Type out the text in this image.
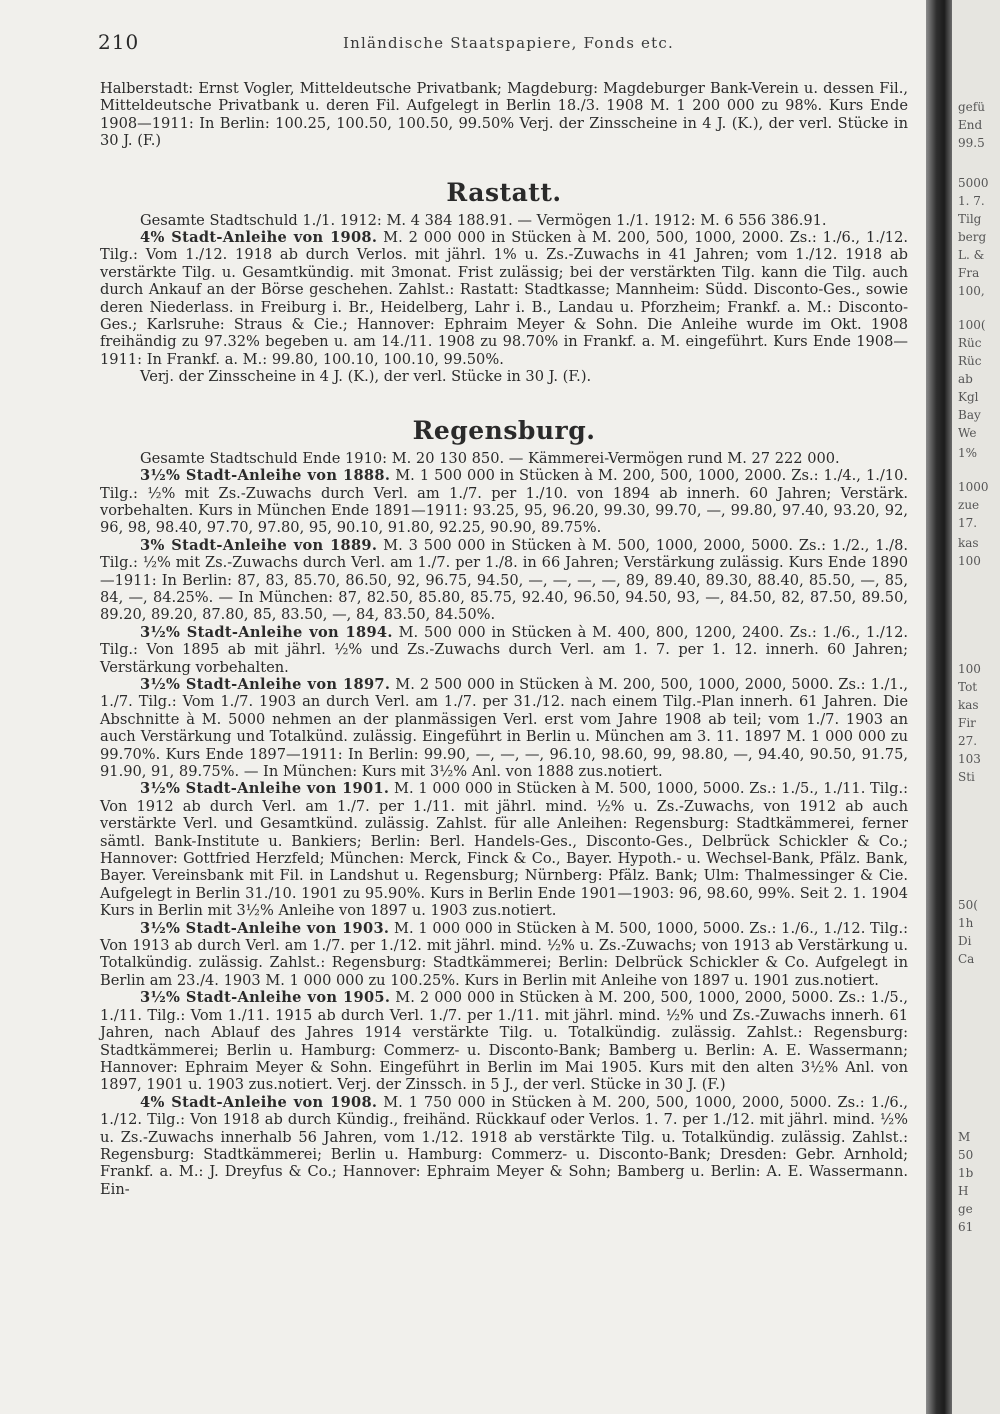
210	Inländische Staatspapiere, Fonds etc.

Halberstadt: Ernst Vogler, Mitteldeutsche Privatbank; Magdeburg: Magdeburger Bank-Verein u. dessen Fil., Mitteldeutsche Privatbank u. deren Fil. Aufgelegt in Berlin 18./3. 1908 M. 1 200 000 zu 98%. Kurs Ende 1908—1911: In Berlin: 100.25, 100.50, 100.50, 99.50% Verj. der Zinsscheine in 4 J. (K.), der verl. Stücke in 30 J. (F.)

Rastatt.

Gesamte Stadtschuld 1./1. 1912: M. 4 384 188.91. — Vermögen 1./1. 1912: M. 6 556 386.91.

4% Stadt-Anleihe von 1908. M. 2 000 000 in Stücken à M. 200, 500, 1000, 2000. Zs.: 1./6., 1./12. Tilg.: Vom 1./12. 1918 ab durch Verlos. mit jährl. 1% u. Zs.-Zuwachs in 41 Jahren; vom 1./12. 1918 ab verstärkte Tilg. u. Gesamtkündig. mit 3monat. Frist zulässig; bei der verstärkten Tilg. kann die Tilg. auch durch Ankauf an der Börse geschehen. Zahlst.: Rastatt: Stadtkasse; Mannheim: Südd. Disconto-Ges., sowie deren Niederlass. in Freiburg i. Br., Heidelberg, Lahr i. B., Landau u. Pforzheim; Frankf. a. M.: Disconto-Ges.; Karlsruhe: Straus & Cie.; Hannover: Ephraim Meyer & Sohn. Die Anleihe wurde im Okt. 1908 freihändig zu 97.32% begeben u. am 14./11. 1908 zu 98.70% in Frankf. a. M. eingeführt. Kurs Ende 1908—1911: In Frankf. a. M.: 99.80, 100.10, 100.10, 99.50%.

Verj. der Zinsscheine in 4 J. (K.), der verl. Stücke in 30 J. (F.).

Regensburg.

Gesamte Stadtschuld Ende 1910: M. 20 130 850. — Kämmerei-Vermögen rund M. 27 222 000.

3½% Stadt-Anleihe von 1888. M. 1 500 000 in Stücken à M. 200, 500, 1000, 2000. Zs.: 1./4., 1./10. Tilg.: ½% mit Zs.-Zuwachs durch Verl. am 1./7. per 1./10. von 1894 ab innerh. 60 Jahren; Verstärk. vorbehalten. Kurs in München Ende 1891—1911: 93.25, 95, 96.20, 99.30, 99.70, —, 99.80, 97.40, 93.20, 92, 96, 98, 98.40, 97.70, 97.80, 95, 90.10, 91.80, 92.25, 90.90, 89.75%.

3% Stadt-Anleihe von 1889. M. 3 500 000 in Stücken à M. 500, 1000, 2000, 5000. Zs.: 1./2., 1./8. Tilg.: ½% mit Zs.-Zuwachs durch Verl. am 1./7. per 1./8. in 66 Jahren; Verstärkung zulässig. Kurs Ende 1890—1911: In Berlin: 87, 83, 85.70, 86.50, 92, 96.75, 94.50, —, —, —, —, 89, 89.40, 89.30, 88.40, 85.50, —, 85, 84, —, 84.25%. — In München: 87, 82.50, 85.80, 85.75, 92.40, 96.50, 94.50, 93, —, 84.50, 82, 87.50, 89.50, 89.20, 89.20, 87.80, 85, 83.50, —, 84, 83.50, 84.50%.

3½% Stadt-Anleihe von 1894. M. 500 000 in Stücken à M. 400, 800, 1200, 2400. Zs.: 1./6., 1./12. Tilg.: Von 1895 ab mit jährl. ½% und Zs.-Zuwachs durch Verl. am 1. 7. per 1. 12. innerh. 60 Jahren; Verstärkung vorbehalten.

3½% Stadt-Anleihe von 1897. M. 2 500 000 in Stücken à M. 200, 500, 1000, 2000, 5000. Zs.: 1./1., 1./7. Tilg.: Vom 1./7. 1903 an durch Verl. am 1./7. per 31./12. nach einem Tilg.-Plan innerh. 61 Jahren. Die Abschnitte à M. 5000 nehmen an der planmässigen Verl. erst vom Jahre 1908 ab teil; vom 1./7. 1903 an auch Verstärkung und Totalkünd. zulässig. Eingeführt in Berlin u. München am 3. 11. 1897 M. 1 000 000 zu 99.70%. Kurs Ende 1897—1911: In Berlin: 99.90, —, —, —, 96.10, 98.60, 99, 98.80, —, 94.40, 90.50, 91.75, 91.90, 91, 89.75%. — In München: Kurs mit 3½% Anl. von 1888 zus.notiert.

3½% Stadt-Anleihe von 1901. M. 1 000 000 in Stücken à M. 500, 1000, 5000. Zs.: 1./5., 1./11. Tilg.: Von 1912 ab durch Verl. am 1./7. per 1./11. mit jährl. mind. ½% u. Zs.-Zuwachs, von 1912 ab auch verstärkte Verl. und Gesamtkünd. zulässig. Zahlst. für alle Anleihen: Regensburg: Stadtkämmerei, ferner sämtl. Bank-Institute u. Bankiers; Berlin: Berl. Handels-Ges., Disconto-Ges., Delbrück Schickler & Co.; Hannover: Gottfried Herzfeld; München: Merck, Finck & Co., Bayer. Hypoth.- u. Wechsel-Bank, Pfälz. Bank, Bayer. Vereinsbank mit Fil. in Landshut u. Regensburg; Nürnberg: Pfälz. Bank; Ulm: Thalmessinger & Cie. Aufgelegt in Berlin 31./10. 1901 zu 95.90%. Kurs in Berlin Ende 1901—1903: 96, 98.60, 99%. Seit 2. 1. 1904 Kurs in Berlin mit 3½% Anleihe von 1897 u. 1903 zus.notiert.

3½% Stadt-Anleihe von 1903. M. 1 000 000 in Stücken à M. 500, 1000, 5000. Zs.: 1./6., 1./12. Tilg.: Von 1913 ab durch Verl. am 1./7. per 1./12. mit jährl. mind. ½% u. Zs.-Zuwachs; von 1913 ab Verstärkung u. Totalkündig. zulässig. Zahlst.: Regensburg: Stadtkämmerei; Berlin: Delbrück Schickler & Co. Aufgelegt in Berlin am 23./4. 1903 M. 1 000 000 zu 100.25%. Kurs in Berlin mit Anleihe von 1897 u. 1901 zus.notiert.

3½% Stadt-Anleihe von 1905. M. 2 000 000 in Stücken à M. 200, 500, 1000, 2000, 5000. Zs.: 1./5., 1./11. Tilg.: Vom 1./11. 1915 ab durch Verl. 1./7. per 1./11. mit jährl. mind. ½% und Zs.-Zuwachs innerh. 61 Jahren, nach Ablauf des Jahres 1914 verstärkte Tilg. u. Totalkündig. zulässig. Zahlst.: Regensburg: Stadtkämmerei; Berlin u. Hamburg: Commerz- u. Disconto-Bank; Bamberg u. Berlin: A. E. Wassermann; Hannover: Ephraim Meyer & Sohn. Eingeführt in Berlin im Mai 1905. Kurs mit den alten 3½% Anl. von 1897, 1901 u. 1903 zus.notiert. Verj. der Zinssch. in 5 J., der verl. Stücke in 30 J. (F.)

4% Stadt-Anleihe von 1908. M. 1 750 000 in Stücken à M. 200, 500, 1000, 2000, 5000. Zs.: 1./6., 1./12. Tilg.: Von 1918 ab durch Kündig., freihänd. Rückkauf oder Verlos. 1. 7. per 1./12. mit jährl. mind. ½% u. Zs.-Zuwachs innerhalb 56 Jahren, vom 1./12. 1918 ab verstärkte Tilg. u. Totalkündig. zulässig. Zahlst.: Regensburg: Stadtkämmerei; Berlin u. Hamburg: Commerz- u. Disconto-Bank; Dresden: Gebr. Arnhold; Frankf. a. M.: J. Dreyfus & Co.; Hannover: Ephraim Meyer & Sohn; Bamberg u. Berlin: A. E. Wassermann. Ein-

gefü
End
99.5
5000
1. 7.
Tilg
berg
L. &
Fra
100,
100(
Rüc
Rüc
ab
Kgl
Bay
We
1%
1000
zue
17.
kas
100
100
Tot
kas
Fir
27.
103
Sti
50(
1h
Di
Ca
M
50
1b
H
ge
61
